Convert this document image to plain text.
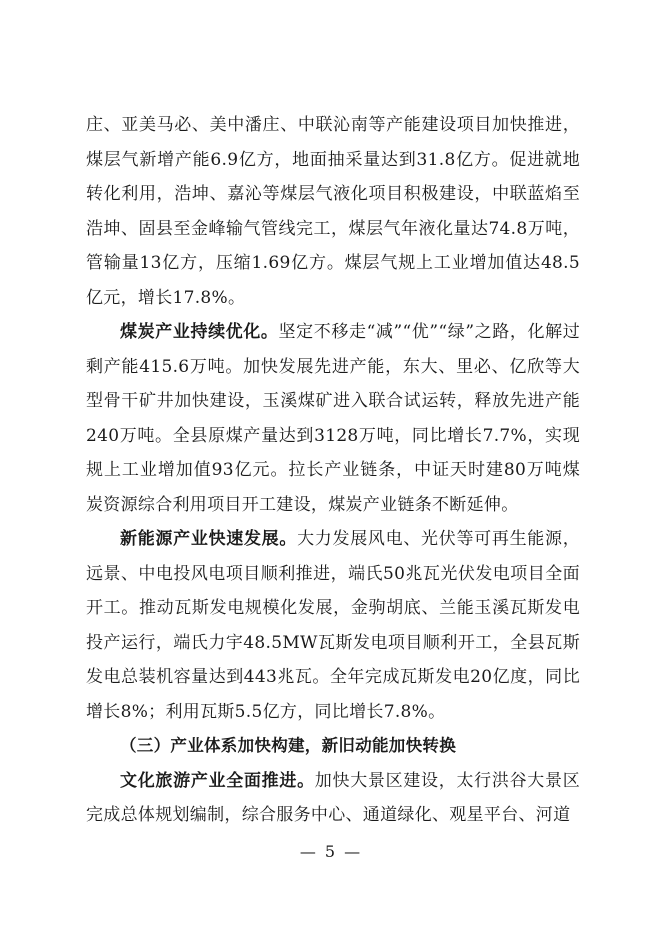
庄、亚美马必、美中潘庄、中联沁南等产能建设项目加快推进，煤层气新增产能6.9亿方，地面抽采量达到31.8亿方。促进就地转化利用，浩坤、嘉沁等煤层气液化项目积极建设，中联蓝焰至浩坤、固县至金峰输气管线完工，煤层气年液化量达74.8万吨，管输量13亿方，压缩1.69亿方。煤层气规上工业增加值达48.5亿元，增长17.8%。

煤炭产业持续优化。坚定不移走“减”“优”“绿”之路，化解过剩产能415.6万吨。加快发展先进产能，东大、里必、亿欣等大型骨干矿井加快建设，玉溪煤矿进入联合试运转，释放先进产能240万吨。全县原煤产量达到3128万吨，同比增长7.7%，实现规上工业增加值93亿元。拉长产业链条，中证天时建80万吨煤炭资源综合利用项目开工建设，煤炭产业链条不断延伸。

新能源产业快速发展。大力发展风电、光伏等可再生能源，远景、中电投风电项目顺利推进，端氏50兆瓦光伏发电项目全面开工。推动瓦斯发电规模化发展，金驹胡底、兰能玉溪瓦斯发电投产运行，端氏力宇48.5MW瓦斯发电项目顺利开工，全县瓦斯发电总装机容量达到443兆瓦。全年完成瓦斯发电20亿度，同比增长8%；利用瓦斯5.5亿方，同比增长7.8%。

（三）产业体系加快构建，新旧动能加快转换

文化旅游产业全面推进。加快大景区建设，太行洪谷大景区完成总体规划编制，综合服务中心、通道绿化、观星平台、河道

— 5 —
